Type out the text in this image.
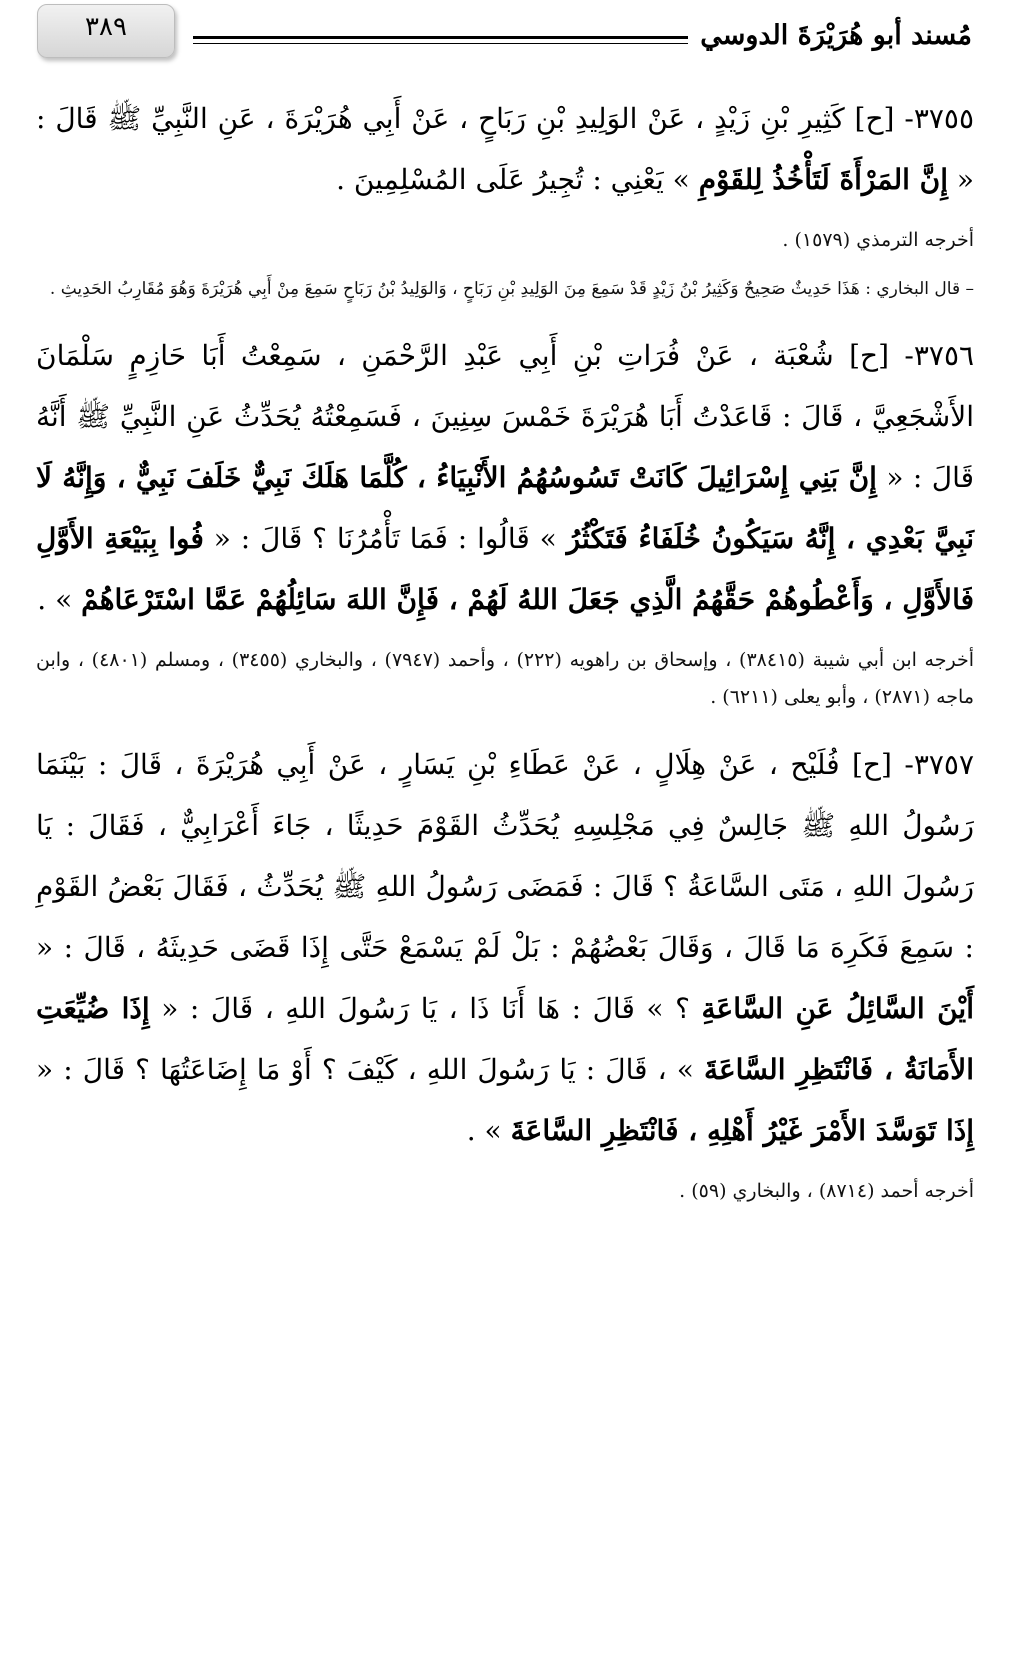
٣٨٩	مُسند أبو هُرَيْرَةَ الدوسي

٣٧٥٥- [ح] كَثِيرِ بْنِ زَيْدٍ ، عَنْ الوَلِيدِ بْنِ رَبَاحٍ ، عَنْ أَبِي هُرَيْرَةَ ، عَنِ النَّبِيِّ ﷺ قَالَ : « إِنَّ المَرْأَةَ لَتَأْخُذُ لِلقَوْمِ » يَعْنِي : تُجِيرُ عَلَى المُسْلِمِينَ .

أخرجه الترمذي (١٥٧٩) .

– قال البخاري : هَذَا حَدِيثٌ صَحِيحٌ وَكَثِيرُ بْنُ زَيْدٍ قَدْ سَمِعَ مِنَ الوَلِيدِ بْنِ رَبَاحٍ ، وَالوَلِيدُ بْنُ رَبَاحٍ سَمِعَ مِنْ أَبِي هُرَيْرَةَ وَهُوَ مُقَارِبُ الحَدِيثِ .

٣٧٥٦- [ح] شُعْبَة ، عَنْ فُرَاتِ بْنِ أَبِي عَبْدِ الرَّحْمَنِ ، سَمِعْتُ أَبَا حَازِمٍ سَلْمَانَ الأَشْجَعِيَّ ، قَالَ : قَاعَدْتُ أَبَا هُرَيْرَةَ خَمْسَ سِنِينَ ، فَسَمِعْتُهُ يُحَدِّثُ عَنِ النَّبِيِّ ﷺ أَنَّهُ قَالَ : « إِنَّ بَنِي إِسْرَائِيلَ كَانَتْ تَسُوسُهُمُ الأَنْبِيَاءُ ، كُلَّمَا هَلَكَ نَبِيٌّ خَلَفَ نَبِيٌّ ، وَإِنَّهُ لَا نَبِيَّ بَعْدِي ، إِنَّهُ سَيَكُونُ خُلَفَاءُ فَتَكْثُرُ » قَالُوا : فَمَا تَأْمُرُنَا ؟ قَالَ : « فُوا بِبَيْعَةِ الأَوَّلِ فَالأَوَّلِ ، وَأَعْطُوهُمْ حَقَّهُمُ الَّذِي جَعَلَ اللهُ لَهُمْ ، فَإِنَّ اللهَ سَائِلُهُمْ عَمَّا اسْتَرْعَاهُمْ » .

أخرجه ابن أبي شيبة (٣٨٤١٥) ، وإسحاق بن راهويه (٢٢٢) ، وأحمد (٧٩٤٧) ، والبخاري (٣٤٥٥) ، ومسلم (٤٨٠١) ، وابن ماجه (٢٨٧١) ، وأبو يعلى (٦٢١١) .

٣٧٥٧- [ح] فُلَيْح ، عَنْ هِلَالٍ ، عَنْ عَطَاءِ بْنِ يَسَارٍ ، عَنْ أَبِي هُرَيْرَةَ ، قَالَ : بَيْنَمَا رَسُولُ اللهِ ﷺ جَالِسٌ فِي مَجْلِسِهِ يُحَدِّثُ القَوْمَ حَدِيثًا ، جَاءَ أَعْرَابِيٌّ ، فَقَالَ : يَا رَسُولَ اللهِ ، مَتَى السَّاعَةُ ؟ قَالَ : فَمَضَى رَسُولُ اللهِ ﷺ يُحَدِّثُ ، فَقَالَ بَعْضُ القَوْمِ : سَمِعَ فَكَرِهَ مَا قَالَ ، وَقَالَ بَعْضُهُمْ : بَلْ لَمْ يَسْمَعْ حَتَّى إِذَا قَضَى حَدِيثَهُ ، قَالَ : « أَيْنَ السَّائِلُ عَنِ السَّاعَةِ ؟ » قَالَ : هَا أَنَا ذَا ، يَا رَسُولَ اللهِ ، قَالَ : « إِذَا ضُيِّعَتِ الأَمَانَةُ ، فَانْتَظِرِ السَّاعَةَ » ، قَالَ : يَا رَسُولَ اللهِ ، كَيْفَ ؟ أَوْ مَا إِضَاعَتُهَا ؟ قَالَ : « إِذَا تَوَسَّدَ الأَمْرَ غَيْرُ أَهْلِهِ ، فَانْتَظِرِ السَّاعَةَ » .

أخرجه أحمد (٨٧١٤) ، والبخاري (٥٩) .
